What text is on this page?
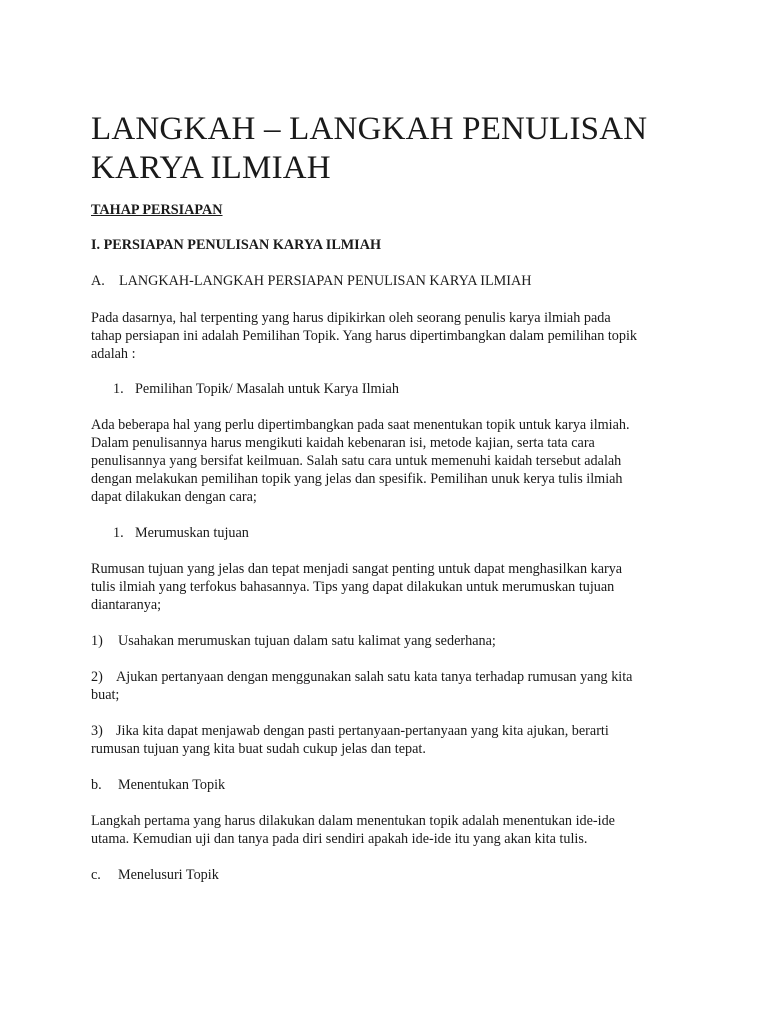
LANGKAH – LANGKAH PENULISAN
KARYA ILMIAH
TAHAP PERSIAPAN
I. PERSIAPAN PENULISAN KARYA ILMIAH
A. LANGKAH-LANGKAH PERSIAPAN PENULISAN KARYA ILMIAH
Pada dasarnya, hal terpenting yang harus dipikirkan oleh seorang penulis karya ilmiah pada
tahap persiapan ini adalah Pemilihan Topik. Yang harus dipertimbangkan dalam pemilihan topik
adalah :
1. Pemilihan Topik/ Masalah untuk Karya Ilmiah
Ada beberapa hal yang perlu dipertimbangkan pada saat menentukan topik untuk karya ilmiah.
Dalam penulisannya harus mengikuti kaidah kebenaran isi, metode kajian, serta tata cara
penulisannya yang bersifat keilmuan. Salah satu cara untuk memenuhi kaidah tersebut adalah
dengan melakukan pemilihan topik yang jelas dan spesifik. Pemilihan unuk kerya tulis ilmiah
dapat dilakukan dengan cara;
1. Merumuskan tujuan
Rumusan tujuan yang jelas dan tepat menjadi sangat penting untuk dapat menghasilkan karya
tulis ilmiah yang terfokus bahasannya. Tips yang dapat dilakukan untuk merumuskan tujuan
diantaranya;
1) Usahakan merumuskan tujuan dalam satu kalimat yang sederhana;
2) Ajukan pertanyaan dengan menggunakan salah satu kata tanya terhadap rumusan yang kita
buat;
3) Jika kita dapat menjawab dengan pasti pertanyaan-pertanyaan yang kita ajukan, berarti
rumusan tujuan yang kita buat sudah cukup jelas dan tepat.
b. Menentukan Topik
Langkah pertama yang harus dilakukan dalam menentukan topik adalah menentukan ide-ide
utama. Kemudian uji dan tanya pada diri sendiri apakah ide-ide itu yang akan kita tulis.
c. Menelusuri Topik
